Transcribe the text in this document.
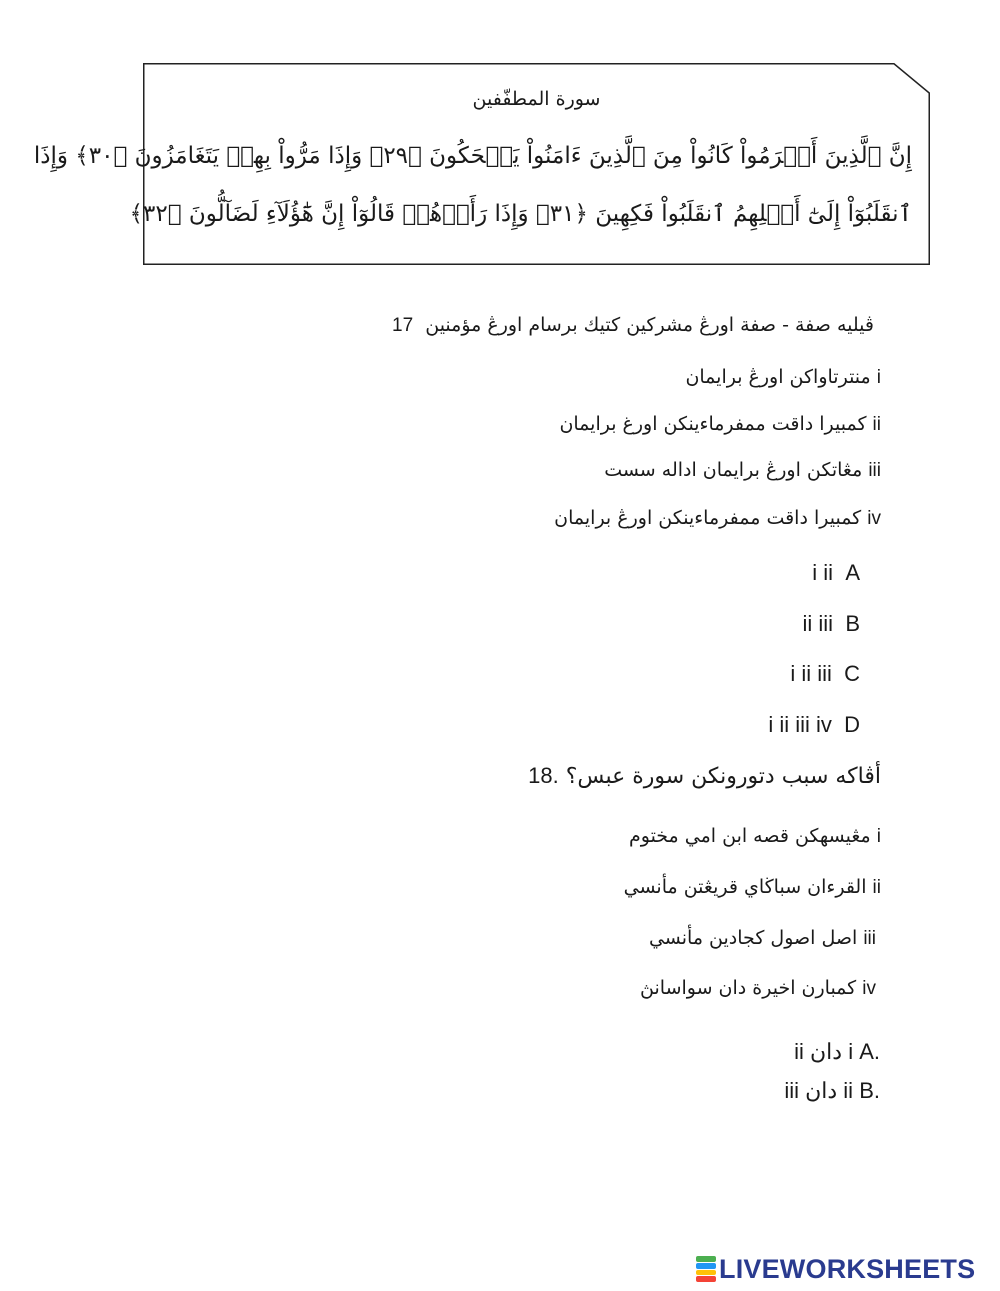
سورة المطفّفين
إِنَّ ٱلَّذِينَ أَجۡرَمُواْ كَانُواْ مِنَ ٱلَّذِينَ ءَامَنُواْ يَضۡحَكُونَ ﴿٢٩﴾ وَإِذَا مَرُّواْ بِهِمۡ يَتَغَامَزُونَ ﴿٣٠﴾ وَإِذَا
ٱنقَلَبُوٓاْ إِلَىٰٓ أَهۡلِهِمُ ٱنقَلَبُواْ فَكِهِينَ ﴿٣١﴾ وَإِذَا رَأَوۡهُمۡ قَالُوٓاْ إِنَّ هَٰٓؤُلَآءِ لَضَآلُّونَ ﴿٣٢﴾
ڤيليه صفة - صفة اورڠ مشركين كتيك برسام اورڠ مؤمنين  17
i منترتاواكن اورڠ برايمان
ii كمبيرا داقت ممفرماءينكن اورغ برايمان
iii مڠاتكن اورڠ برايمان اداله سست
iv كمبيرا داقت ممفرماءينكن اورڠ برايمان
i ii A
ii iii B
i ii iii C
i ii iii iv D
أڤاكه سبب دتورونكن سورة عبس؟ 18.
i مڠيسهكن قصه ابن امي مختوم
ii القرءان سباڬاي قريڠتن مأنسي
iii اصل اصول كجادين مأنسي
iv كمبارن اخيرة دان سواسانڽ
i دان ii A.
ii دان iii B.
LIVEWORKSHEETS
